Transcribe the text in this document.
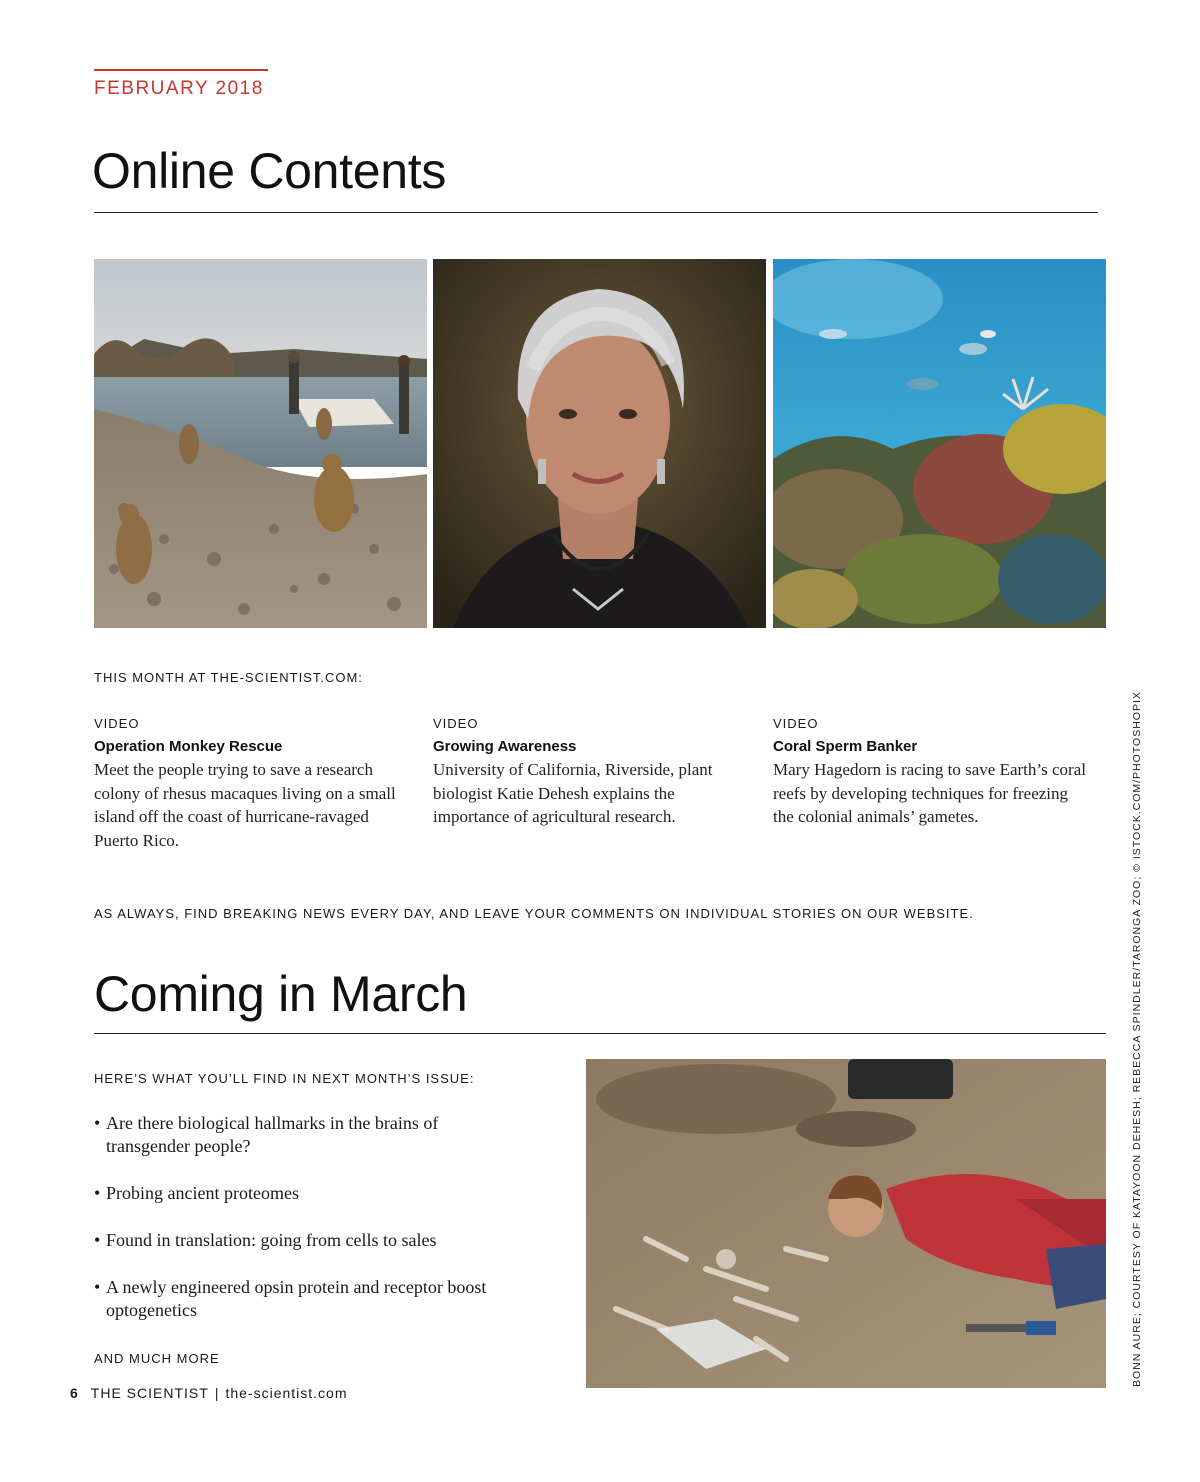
FEBRUARY 2018
Online Contents
THIS MONTH AT THE-SCIENTIST.COM:
VIDEO
Operation Monkey Rescue
Meet the people trying to save a research colony of rhesus macaques living on a small island off the coast of hurricane-ravaged Puerto Rico.
VIDEO
Growing Awareness
University of California, Riverside, plant biologist Katie Dehesh explains the importance of agricultural research.
VIDEO
Coral Sperm Banker
Mary Hagedorn is racing to save Earth’s coral reefs by developing techniques for freezing the colonial animals’ gametes.
AS ALWAYS, FIND BREAKING NEWS EVERY DAY, AND LEAVE YOUR COMMENTS ON INDIVIDUAL STORIES ON OUR WEBSITE.
Coming in March
HERE’S WHAT YOU’LL FIND IN NEXT MONTH’S ISSUE:
• Are there biological hallmarks in the brains of transgender people?
• Probing ancient proteomes
• Found in translation: going from cells to sales
• A newly engineered opsin protein and receptor boost optogenetics
AND MUCH MORE	BONN AURE; COURTESY OF KATAYOON DEHESH; REBECCA SPINDLER/TARONGA ZOO; © ISTOCK.COM/PHOTOSHOPIX
6 THE SCIENTIST | the-scientist.com
